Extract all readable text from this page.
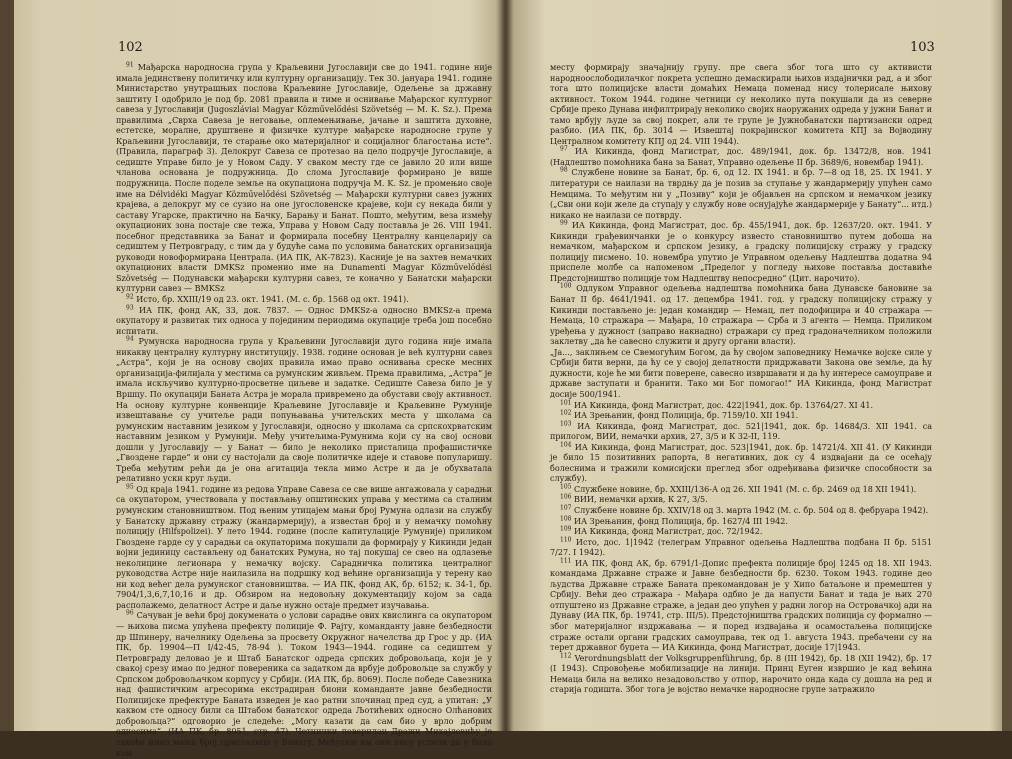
102

$^{91}$ Мађарска народносна група у Краљевини Југославији све до 1941. године није имала јединствену политичку или културну организацију. Тек 30. јануара 1941. године Министарство унутрашњих послова Краљевине Југославије, Одељење за државну заштиту I одобрило је под бр. 2081 правила и тиме и оснивање Мађарског културног савеза у Југославији (Jugoszláviai Magyar Közművelődési Szövetség — M. K. Sz.). Према правилима „Сврха Савеза је неговање, оплемењивање, јачање и заштита духовне, естетске, моралне, друштвене и физичке културе мађарске народносне групе у Краљевини Југославији, те старање око материјалног и социјалног благостања исте“. (Правила, параграф 3). Делокруг Савеза се протезао на цело подручје Југославије, а седиште Управе било је у Новом Саду. У сваком месту где се јавило 20 или више чланова основана је подружница. До слома Југославије формирано је више подружница. После поделе земље на окупациона подручја M. K. Sz. је промењио своје име на Délvidéki Magyar Közművelődési Szövetség — Мађарски културни савез јужних крајева, а делокруг му се сузио на оне југословенске крајеве, који су некада били у саставу Угарске, практично на Бачку, Барању и Банат. Пошто, међутим, веза између окупационих зона постаје све тежа, Управа у Новом Саду поставља је 26. VIII 1941. посебног представника за Банат и формирала посебну Централну канцеларију са седиштем у Петровграду, с тим да у будуће сама по условима банатских организација руководи новоформирана Централа. (ИА ПК, АК-7823). Касније је на захтев немачких окупационих власти DMKSz променио име на Dunamenti Magyar Közművelődési Szövetség — Подунавски мађарски културни савез, те коначно у Банатски мађарски културни савез — BMKSz

$^{92}$ Исто, бр. XXIII/19 од 23. окт. 1941. (М. с. бр. 1568 од окт. 1941).

$^{93}$ ИА ПК, фонд АК, 33, док. 7837. — Однос DMKSz-а односно BMKSz-а према окупатору и развитак тих односа у појединим периодима окупације треба још посебно испитати.

$^{94}$ Румунска народносна група у Краљевини Југославији дуго година није имала никакву централну културну институцију. 1938. године основан је већ културни савез „Астра“, који је на основу својих правила имао право оснивања среске месних организација-филијала у местима са румунским живљем. Према правилима, „Астра“ је имала искључиво културно-просветне циљеве и задатке. Седиште Савеза било је у Вршцу. По окупацији Баната Астра је морала привремено да обустави своју активност. На основу културне конвенције Краљевине Југославије и Краљевине Румуније извештавање су учитеље ради попуњавања учитељских места у школама са румунским наставним језиком у Југославији, односно у школама са српскохрватским наставним језиком у Румунији. Међу учитељима-Румунима који су на свој основи дошли у Југославију — у Банат — било је неколико присталица профашистичке „Гвоздене гарде“ и они су настојали да своје политичке идеје и ставове популаришу. Треба међутим рећи да је она агитација текла мимо Астре и да је обухватала релативно уски круг људи.

$^{95}$ Од краја 1941. године из редова Управе Савеза се све више ангажовала у сарадњи са окупатором, учествовала у постављању општинских управа у местима са сталним румунским становништвом. Под њеним утицајем мањи број Румуна одлази на службу у Банатску државну стражу (жандармерију), а известан број и у немачку помоћну полицију (Hilfspolizei). У лето 1944. године (после капитулације Румуније) приликом Гвоздене гарде су у сарадњи са окупаторима покушали да формирају у Кикинди један војни јединицу састављену од банатских Румуна, но тај покушај се свео на одлазење неколицине легионара у немачку војску. Сарадничка политика централног руководства Астре није наилазила на подршку код већине организација у терену као ни код већег дела румунског становништва. — ИА ПК, фонд АК, бр. 6152; к. 34-1, бр. 7904/1,3,6,7,10,16 и др. Обзиром на недовољну документацију којом за сада располажемо, делатност Астре и даље нужно остаје предмет изучавања.

$^{96}$ Сачуван је већи број докумената о услови сарадње ових квислинга са окупатором — њихова писма упућена префекту полиције Ф. Рајту, команданту јавне безбедности др Шпинеру, начелнику Одељења за просвету Окружног начелства др Грос у др. (ИА ПК, бр. 19904—П I/42-45, 78-94 ). Током 1943—1944. године са седиштем у Петровграду деловао је и Штаб Банатског одреда српских добровољаца, који је у свакој срезу имао по једног повереника са задатком да врбује добровољце за службу у Српском добровољачком корпусу у Србији. (ИА ПК, бр. 8069). После победе Савезника над фашистичким агресорима екстрадиран биони команданте јавне безбедности Полицијске префектуре Баната изведен је као ратни злочинац пред суд, а упитан: „У каквом сте односу били са Штабом банатског одреда Љотићевих односно Олћанових добровољца?“ одговорио је следеће: „Могу казати да сам био у врло добрим односима“. (ИА ПК, бр. 8051, стр. 47). Четнички поверилац Дражи Михајловићу је такође имао мањи број присталица у Банату. Међутим им они нису успели да у било ком

103

месту формирају значајнију групу. пре свега због тога што су активисти народноослободилачког покрета успешно демаскирали њихов издајнички рад, а и због тога што полицијске власти домаћих Немаца поменад нису толерисале њихову активност. Током 1944. године четници су неколико пута покушали да из северне Србије преко Дунава инфилтрирају неколико својих наоружаних одреда у јужни Банат и тамо врбују људе за свој покрет, али те групе је Јужнобанатски партизански одред разбио. (ИА ПК, бр. 3014 — Извештај покрајинског комитета КПЈ за Војводину Централном комитету КПЈ од 24. VIII 1944).

$^{97}$ ИА Кикинда, фонд Магистрат, дос. 489/1941, док. бр. 13472/8, нов. 1941 (Надлештво помоћника бана за Банат, Управно одељење II бр. 3689/6, новембар 1941).

$^{98}$ Службене новине за Банат, бр. 6, од 12. IX 1941. и бр. 7—8 од 18, 25. IX 1941. У литератури се наилази на тврдњу да је позив за ступање у жандармерију упућен само Немцима. То међутим ни у „Позиву“ који је објављен на српском и немачком језику („Сви они који желе да ступају у службу нове оснујајуће жандармерије у Банату“... итд.) никако не наилази се потврду.

$^{99}$ ИА Кикинда, фонд Магистрат, дос. бр. 455/1941, док. бр. 12637/20. окт. 1941. У Кикинди грађевинчанки је о конкурсу известо становништво путем добоша на немачком, мађарском и српском језику, а градску полицијску стражу у градску полицију писмено. 10. новембра упутио је Управном одељењу Надлештва додатна 94 приспеле молбе са напоменом „Пределог у погледу њихове поставља доставиће Предстојништво полиције том Надлештву непосредно“ (Цит. нарочито).

$^{100}$ Одлуком Управног одељења надлештва помоћника бана Дунавске бановине за Банат II бр. 4641/1941. од 17. децембра 1941. год. у градску полицијску стражу у Кикинди постављено је: један командир — Немац, пет подофицира и 40 стражара — Немаца, 10 стражара — Мађара, 10 стражара — Срба и 3 агента — Немца. Приликом уређења у дужност (заправо накнадно) стражари су пред градоначелником положили заклетву „да ће савесно служити и другу органи власти).

„Ја..., заклињем се Свемогућим Богом, да ћу својом заповеднику Немачке војске силе у Србији бити верни, да ћу се у својој делатности придржавати Закона ове земље, да ћу дужности, које ће ми бити поверене, савесно извршавати и да ћу интересе самоуправе и државе заступати и бранити. Тако ми Бог помогао!“ ИА Кикинда, фонд Магистрат досије 500/1941.

$^{101}$ ИА Кикинда, фонд Магистрат, дос. 422|1941, док. бр. 13764/27. XI 41.

$^{102}$ ИА Зрењанин, фонд Полиција, бр. 7159/10. XII 1941.

$^{103}$ ИА Кикинда, фонд Магистрат, дос. 521|1941, док. бр. 14684/3. XII 1941. са прилогом, ВИИ, немачки архив, 27, 3/5 и К 32-II, 119.

$^{104}$ ИА Кикинда, фонд Магистрат, дос. 523|1941, док. бр. 14721/4. XII 41. (У Кикинди је било 15 позитивних рапорта, 8 негативних, док су 4 издвајани да се осећају болеснима и тражили комисијски преглед због одређивања физичке способности за службу).

$^{105}$ Службене новине, бр. XXIII/136-А од 26. XII 1941 (М. с. бр. 2469 од 18 XII 1941).

$^{106}$ ВИИ, немачки архив, К 27, 3/5.

$^{107}$ Службене новине бр. XXIV/18 од 3. марта 1942 (М. с. бр. 504 од 8. фебруара 1942).

$^{108}$ ИА Зрењанин, фонд Полиција, бр. 1627/4 III 1942.

$^{109}$ ИА Кикинда, фонд Магистрат, дос. 72/1942.

$^{110}$ Исто, дос. 1|1942 (телеграм Управног одељења Надлештва подбана II бр. 5151 7/27. I 1942).

$^{111}$ ИА ПК, фонд АК, бр. 6791/1-Допис префекта полиције број 1245 од 18. XII 1943. командама Државне страже и Јавне безбедности бр. 6230. Током 1943. године део људства Државне страже Баната прекомандован је у Хипо батаљоне и премештен у Србију. Већи део стражара - Мађара одбио је да напусти Банат и тада је њих 270 отпуштено из Државне страже, а један део упућен у радни логор на Островачкој ади на Дунаву (ИА ПК, бр. 19741, стр. III/5). Предстојништва градских полиција су формално — због материјалног издржавања — и поред издвајања и осамостаљења полицијске страже остали органи градских самоуправа, тек од 1. августа 1943. пребачени су на терет државног буџета — ИА Кикинда, фонд Магистрат, досије 17|1943.

$^{112}$ Verordnungsblatt der Volksgruppenführung, бр. 8 (III 1942), бр. 18 (XII 1942), бр. 17 (I 1943). Спровођење мобилизације на линији. Принц Еуген извршио је кад већина Немаца била на велико незадовољство у отпор, нарочито онда када су дошла на ред и старија годишта. Због тога је војство немачке народносне групе затражило
